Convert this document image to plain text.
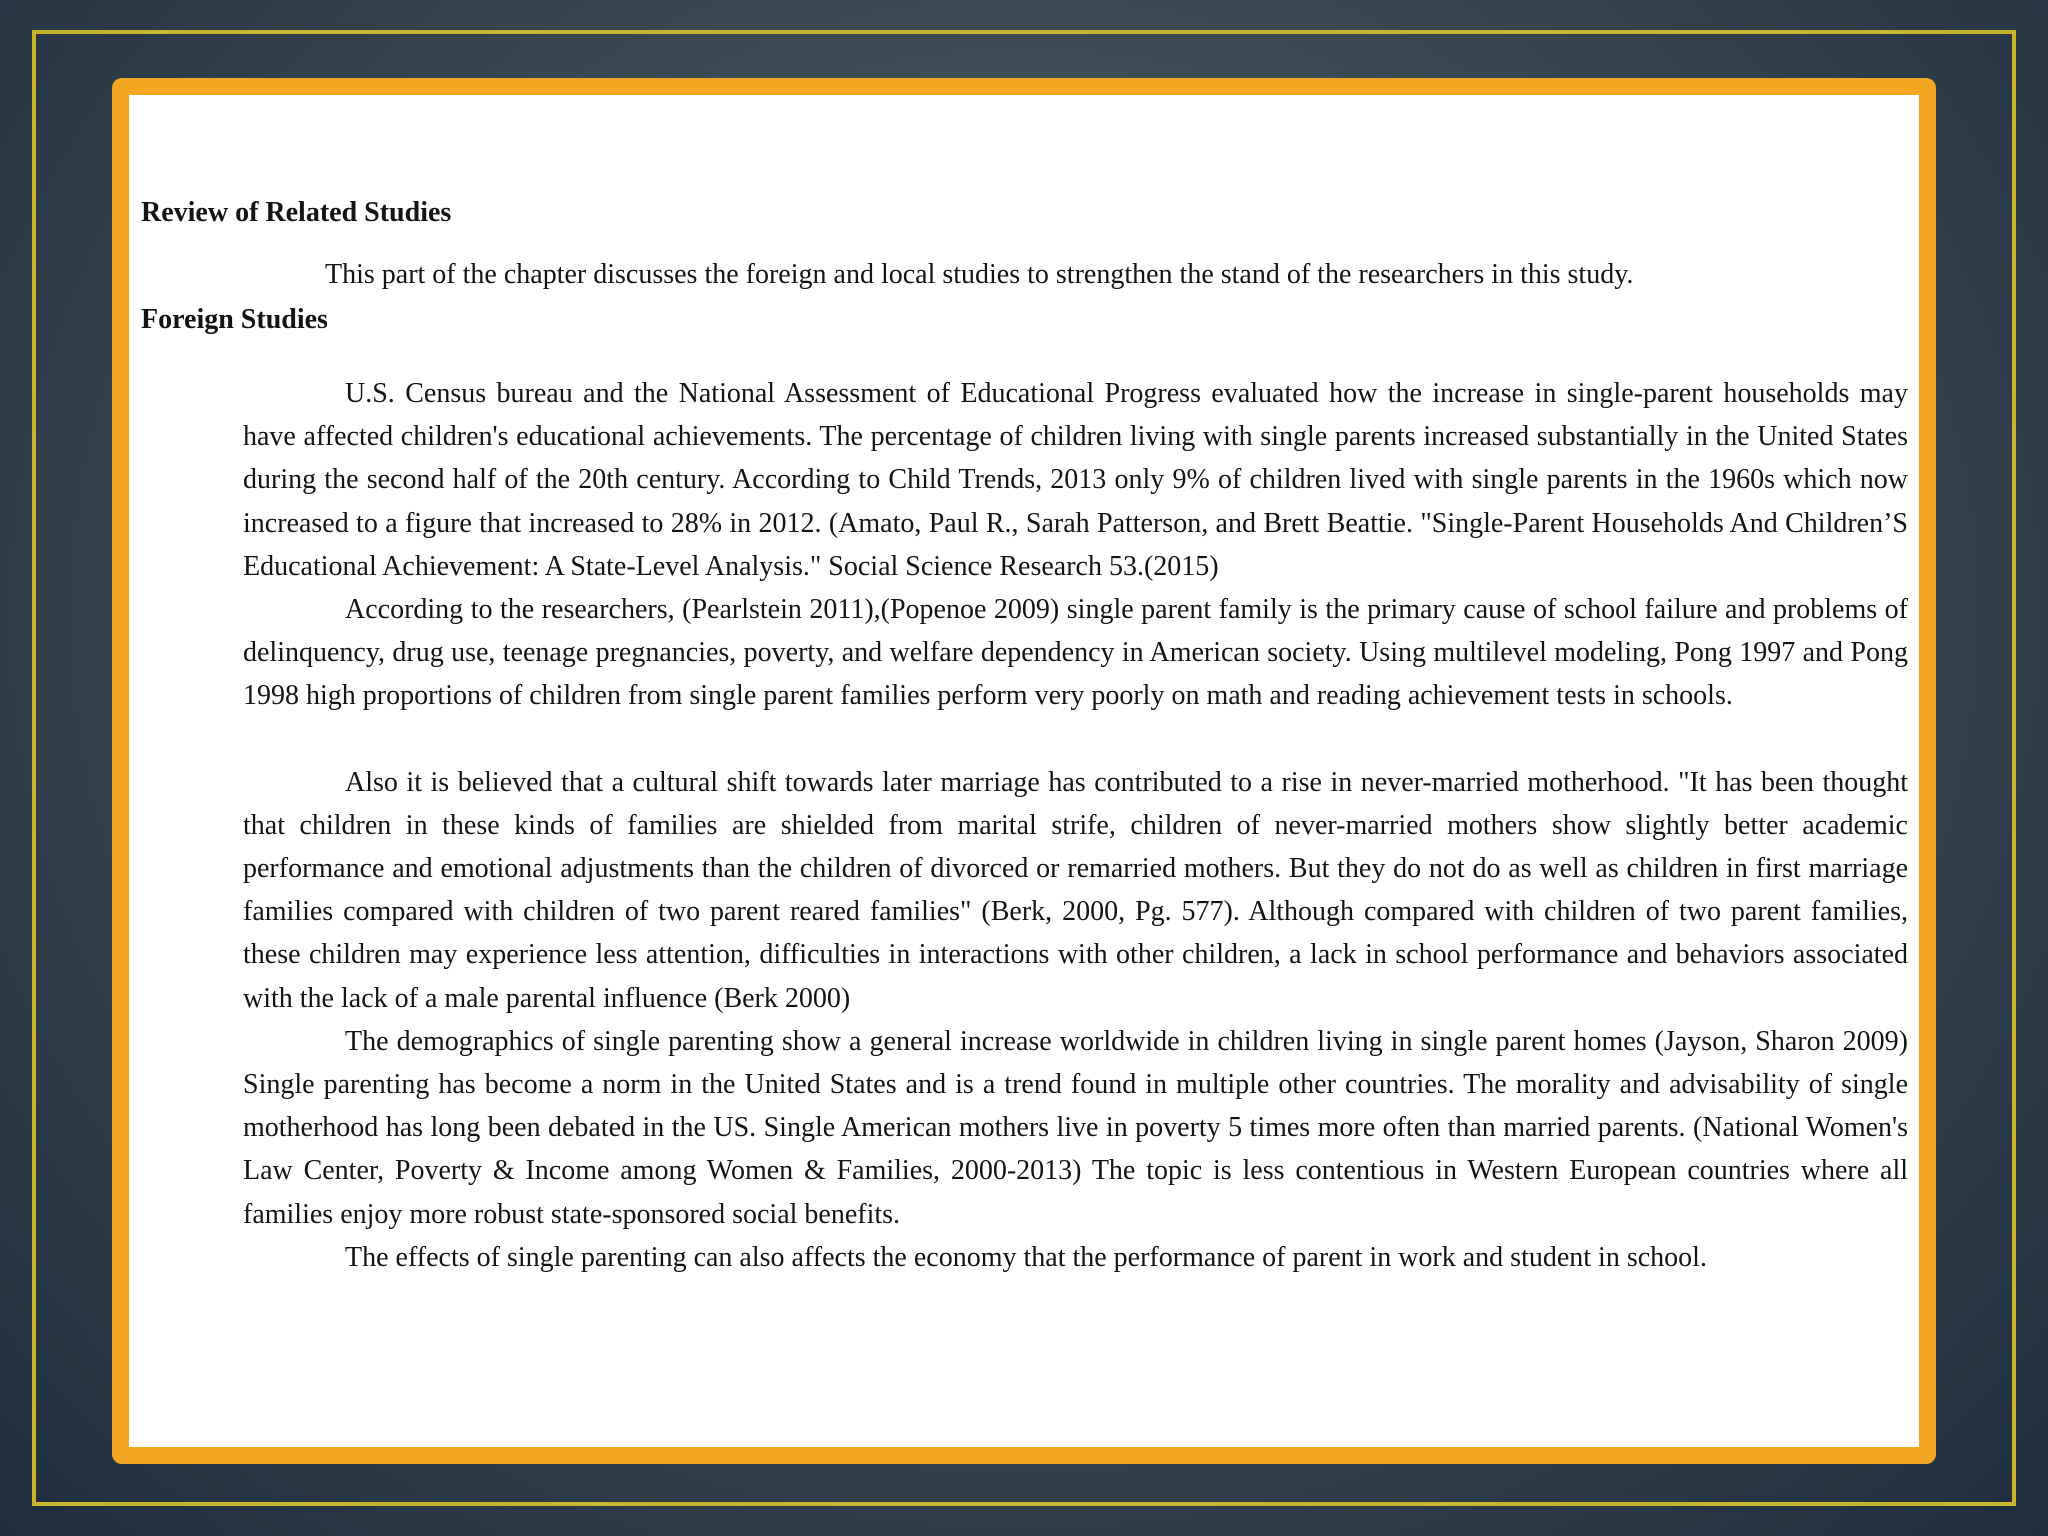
Review of Related Studies
This part of the chapter discusses the foreign and local studies to strengthen the stand of the researchers in this study.
Foreign Studies

U.S. Census bureau and the National Assessment of Educational Progress evaluated how the increase in single-parent households may have affected children's educational achievements. The percentage of children living with single parents increased substantially in the United States during the second half of the 20th century. According to Child Trends, 2013 only 9% of children lived with single parents in the 1960s which now increased to a figure that increased to 28% in 2012. (Amato, Paul R., Sarah Patterson, and Brett Beattie. "Single-Parent Households And Children’S Educational Achievement: A State-Level Analysis." Social Science Research 53.(2015)

According to the researchers, (Pearlstein 2011),(Popenoe 2009) single parent family is the primary cause of school failure and problems of delinquency, drug use, teenage pregnancies, poverty, and welfare dependency in American society. Using multilevel modeling, Pong 1997 and Pong 1998 high proportions of children from single parent families perform very poorly on math and reading achievement tests in schools.

Also it is believed that a cultural shift towards later marriage has contributed to a rise in never-married motherhood. "It has been thought that children in these kinds of families are shielded from marital strife, children of never-married mothers show slightly better academic performance and emotional adjustments than the children of divorced or remarried mothers. But they do not do as well as children in first marriage families compared with children of two parent reared families" (Berk, 2000, Pg. 577). Although compared with children of two parent families, these children may experience less attention, difficulties in interactions with other children, a lack in school performance and behaviors associated with the lack of a male parental influence (Berk 2000)

The demographics of single parenting show a general increase worldwide in children living in single parent homes (Jayson, Sharon 2009) Single parenting has become a norm in the United States and is a trend found in multiple other countries. The morality and advisability of single motherhood has long been debated in the US. Single American mothers live in poverty 5 times more often than married parents. (National Women's Law Center, Poverty & Income among Women & Families, 2000-2013) The topic is less contentious in Western European countries where all families enjoy more robust state-sponsored social benefits.

The effects of single parenting can also affects the economy that the performance of parent in work and student in school.
